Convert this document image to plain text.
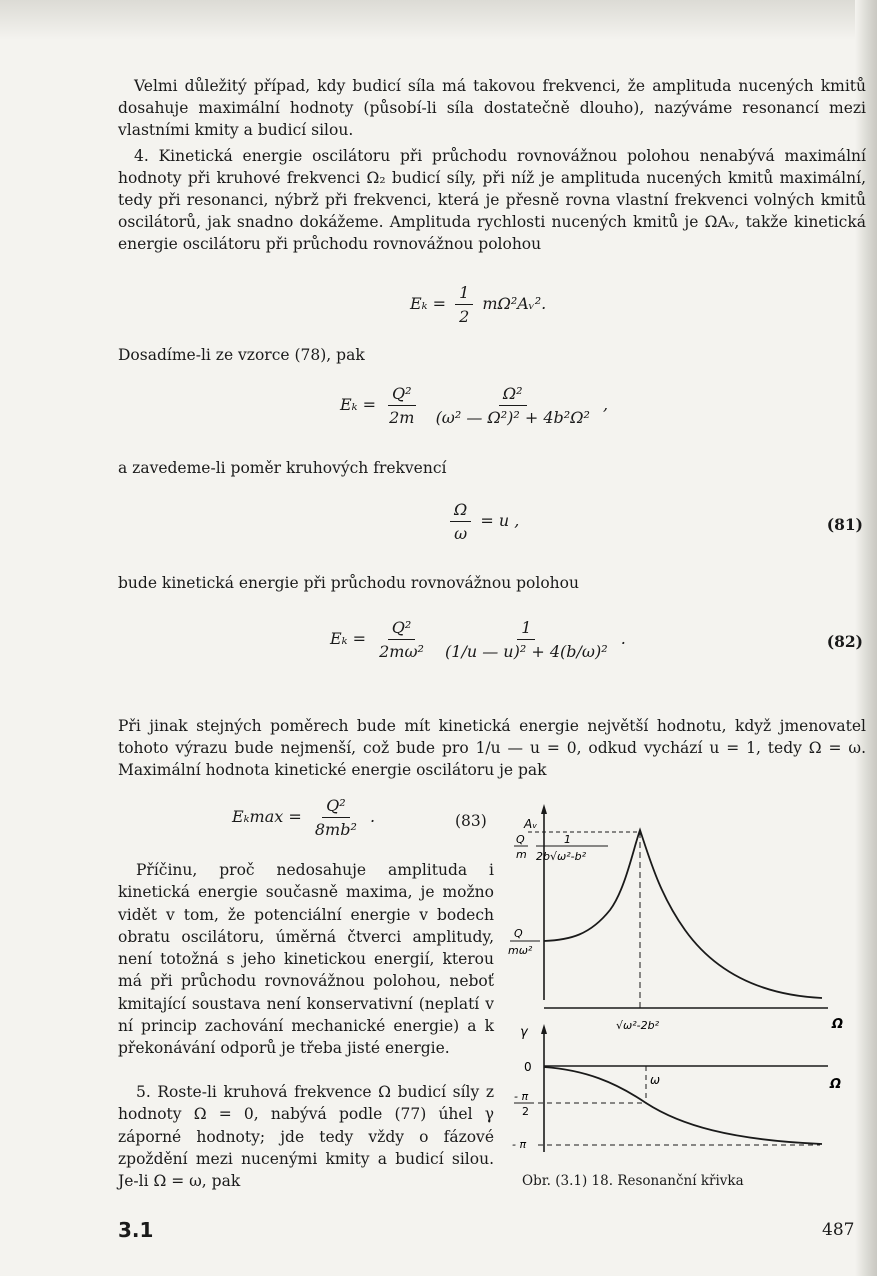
Velmi důležitý případ, kdy budicí síla má takovou frekvenci, že amplituda nucených kmitů dosahuje maximální hodnoty (působí-li síla dostatečně dlouho), nazýváme resonancí mezi vlastními kmity a budicí silou.

4. Kinetická energie oscilátoru při průchodu rovnovážnou polohou nenabývá maximální hodnoty při kruhové frekvenci Ω₂ budicí síly, při níž je amplituda nucených kmitů maximální, tedy při resonanci, nýbrž při frekvenci, která je přesně rovna vlastní frekvenci volných kmitů oscilátorů, jak snadno dokážeme. Amplituda rychlosti nucených kmitů je ΩAᵥ, takže kinetická energie oscilátoru při průchodu rovnovážnou polohou

$E_k = \frac{1}{2}$ mΩ²Aᵥ².
Dosadíme-li ze vzorce (78), pak
$E_k = \frac{\text{Q²}}{2m}$
$\frac{\text{Ω²}}{\text{(ω² — Ω²)² + 4b²Ω²}}$ ,
a zavedeme-li poměr kruhových frekvencí
$\frac{\Omega}{\omega} = u$ ,	(81)
bude kinetická energie při průchodu rovnovážnou polohou
$E_k = \frac{\text{Q²}}{\text{2mω²}}$
$\frac{1}{\text{(1/u — u)² + 4(b/ω)²}}$ .	(82)

Při jinak stejných poměrech bude mít kinetická energie největší hodnotu, když jmenovatel tohoto výrazu bude nejmenší, což bude pro 1/u — u = 0, odkud vychází u = 1, tedy Ω = ω. Maximální hodnota kinetické energie oscilátoru je pak

$E_k\max = \frac{\text{Q²}}{\text{8mb²}}$ .	(83)

Příčinu, proč nedosahuje amplituda i kinetická energie současně maxima, je možno vidět v tom, že potenciální energie v bodech obratu oscilátoru, úměrná čtverci amplitudy, není totožná s jeho kinetickou energií, kterou má při průchodu rovnovážnou polohou, neboť kmitající soustava není konservativní (neplatí v ní princip zachování mechanické energie) a k překonávání odporů je třeba jisté energie.

5. Roste-li kruhová frekvence Ω budicí síly z hodnoty Ω = 0, nabývá podle (77) úhel γ záporné hodnoty; jde tedy vždy o fázové zpoždění mezi nucenými kmity a budicí silou. Je-li Ω = ω, pak

Aᵥ
Q
m
1
2b√ω²-b²
Q
mω²
√ω²-2b²	Ω
γ
0
- π
2
ω
- π
Ω
Obr. (3.1) 18. Resonanční křivka
3.1	487
